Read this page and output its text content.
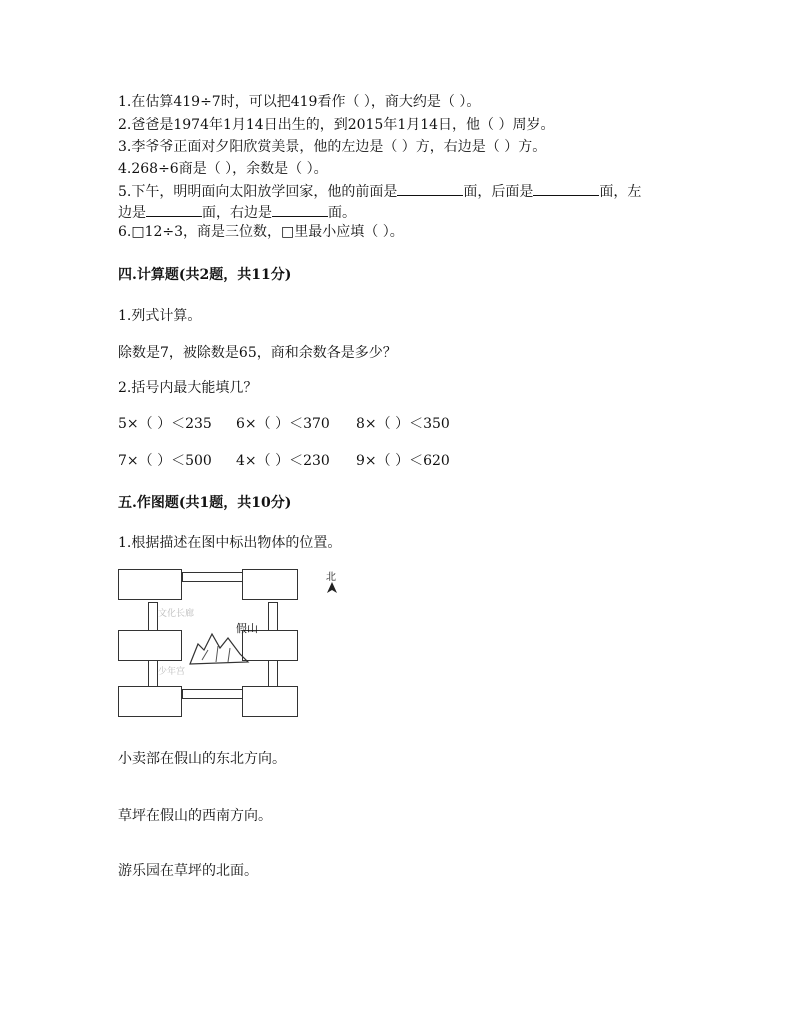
1.在估算419÷7时，可以把419看作（ ），商大约是（ ）。
2.爸爸是1974年1月14日出生的，到2015年1月14日，他（ ）周岁。
3.李爷爷正面对夕阳欣赏美景，他的左边是（ ）方，右边是（ ）方。
4.268÷6商是（ ），余数是（ ）。
5.下午，明明面向太阳放学回家，他的前面是	面，后面是	面，左
边是	面，右边是	面。
6.□12÷3，商是三位数，□里最小应填（ ）。
四.计算题(共2题，共11分)
1.列式计算。
除数是7，被除数是65，商和余数各是多少？
2.括号内最大能填几？
5×（ ）＜235 6×（ ）＜370 8×（ ）＜350
7×（ ）＜500 4×（ ）＜230 9×（ ）＜620
五.作图题(共1题，共10分)
1.根据描述在图中标出物体的位置。
文化长廊
少年宫
假山
北
小卖部在假山的东北方向。
草坪在假山的西南方向。
游乐园在草坪的北面。
